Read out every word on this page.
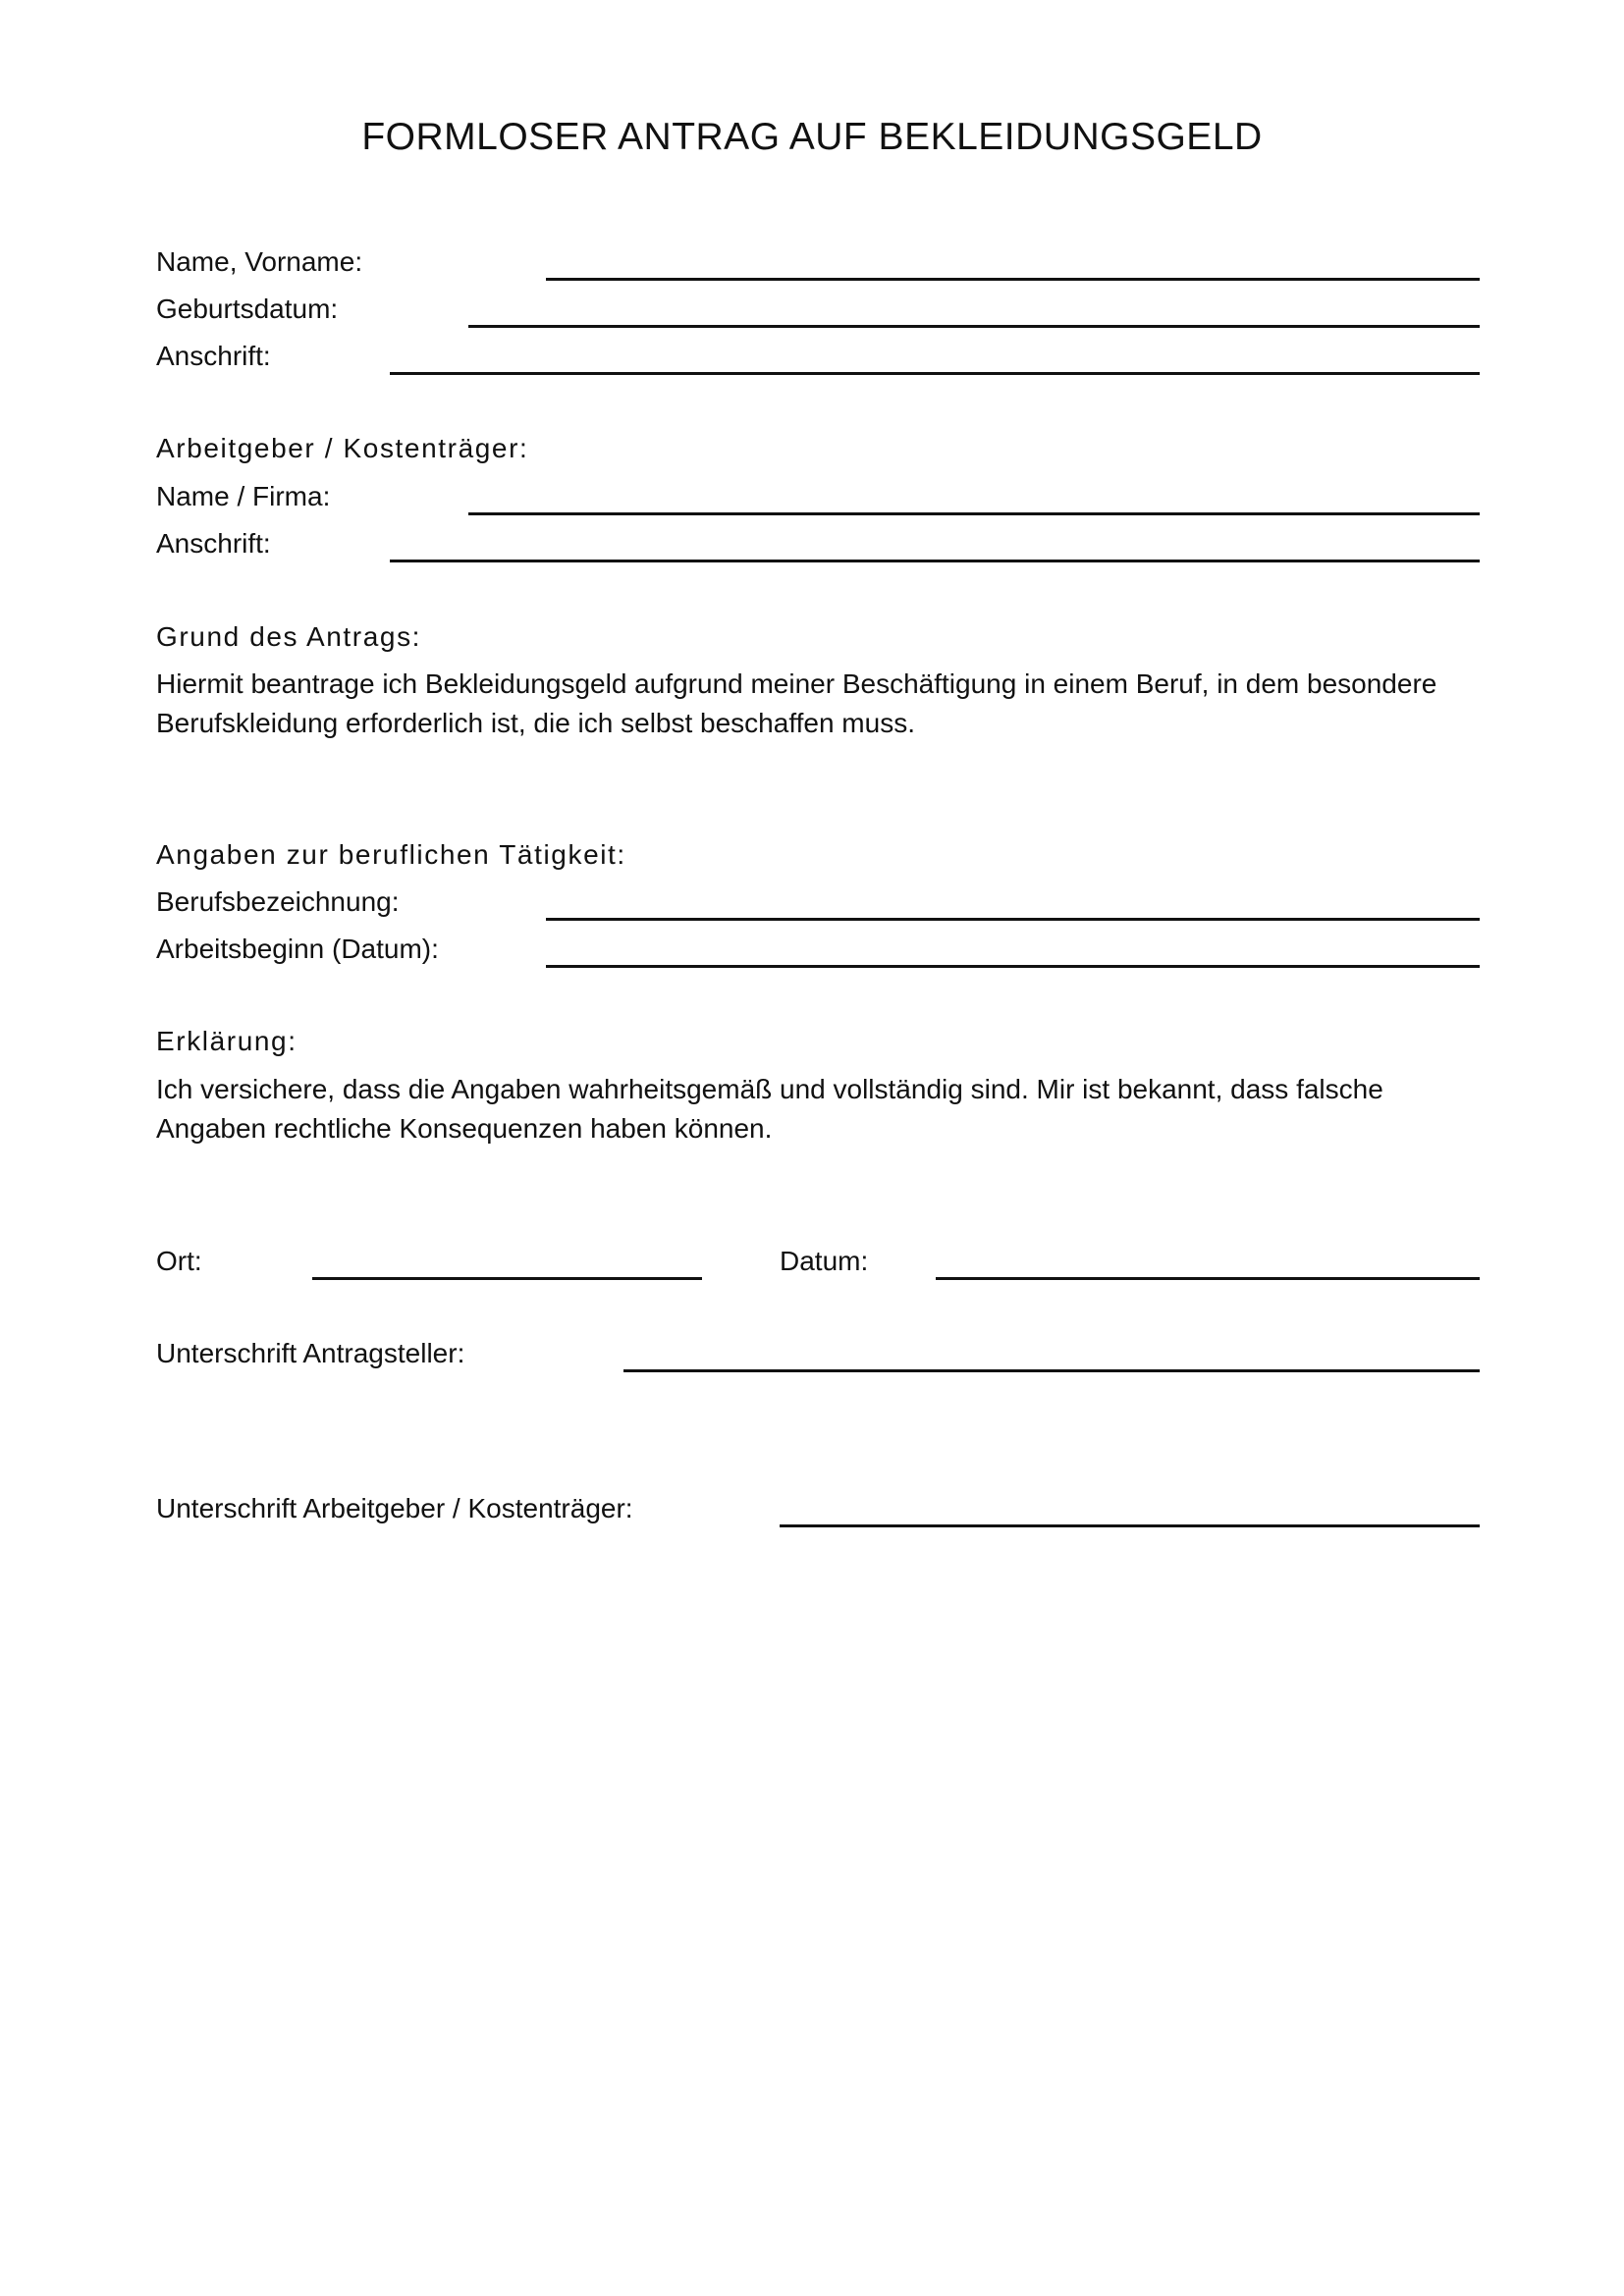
FORMLOSER ANTRAG AUF BEKLEIDUNGSGELD
Name, Vorname:
Geburtsdatum:
Anschrift:
Arbeitgeber / Kostenträger:
Name / Firma:
Anschrift:
Grund des Antrags:
Hiermit beantrage ich Bekleidungsgeld aufgrund meiner Beschäftigung in einem Beruf, in dem besondere Berufskleidung erforderlich ist, die ich selbst beschaffen muss.
Angaben zur beruflichen Tätigkeit:
Berufsbezeichnung:
Arbeitsbeginn (Datum):
Erklärung:
Ich versichere, dass die Angaben wahrheitsgemäß und vollständig sind. Mir ist bekannt, dass falsche Angaben rechtliche Konsequenzen haben können.
Ort:	Datum:
Unterschrift Antragsteller:
Unterschrift Arbeitgeber / Kostenträger:
